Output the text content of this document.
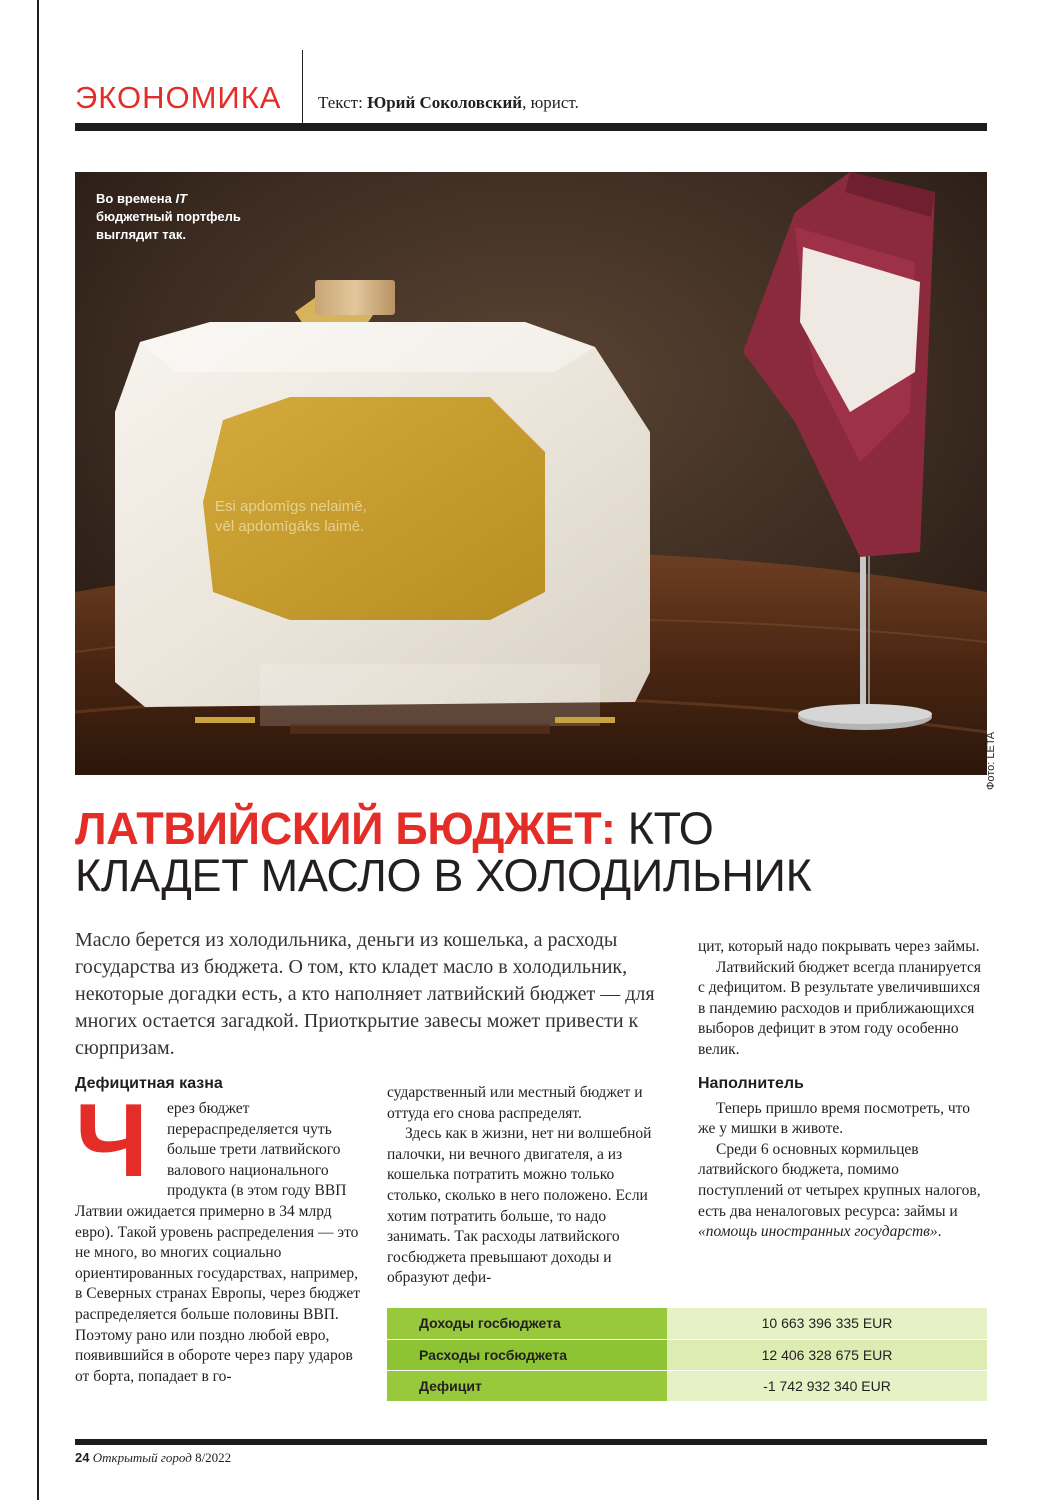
ЭКОНОМИКА Текст: Юрий Соколовский, юрист.
Во времена IT
бюджетный портфель
выглядит так.
Esi apdomīgs nelaimē,
vēl apdomīgāks laimē.
Фото: LETA
ЛАТВИЙСКИЙ БЮДЖЕТ: КТО
КЛАДЕТ МАСЛО В ХОЛОДИЛЬНИК
Масло берется из холодильника, деньги из кошелька, а расходы государства из бюджета. О том, кто кладет масло в холодильник, некоторые догадки есть, а кто наполняет латвийский бюджет — для многих остается загадкой. Приоткрытие завесы может привести к сюрпризам.
Дефицитная казна

Ч ерез бюджет перераспределяется чуть больше трети латвийского валового национального продукта (в этом году ВВП Латвии ожидается примерно в 34 млрд евро). Такой уровень распределения — это не много, во многих социально ориентированных государствах, например, в Северных странах Европы, через бюджет распределяется больше половины ВВП. Поэтому рано или поздно любой евро, появившийся в обороте через пару ударов от борта, попадает в го-

сударственный или местный бюджет и оттуда его снова распределят.

Здесь как в жизни, нет ни волшебной палочки, ни вечного двигателя, а из кошелька потратить можно только столько, сколько в него положено. Если хотим потратить больше, то надо занимать. Так расходы латвийского госбюджета превышают доходы и образуют дефи-

цит, который надо покрывать через займы.

Латвийский бюджет всегда планируется с дефицитом. В результате увеличившихся в пандемию расходов и приближающихся выборов дефицит в этом году особенно велик.

Наполнитель

Теперь пришло время посмотреть, что же у мишки в животе.

Среди 6 основных кормильцев латвийского бюджета, помимо поступлений от четырех крупных налогов, есть два неналоговых ресурса: займы и «помощь иностранных государств».

Доходы госбюджета	10 663 396 335 EUR
Расходы госбюджета	12 406 328 675 EUR
Дефицит	-1 742 932 340 EUR
24 Открытый город 8/2022
